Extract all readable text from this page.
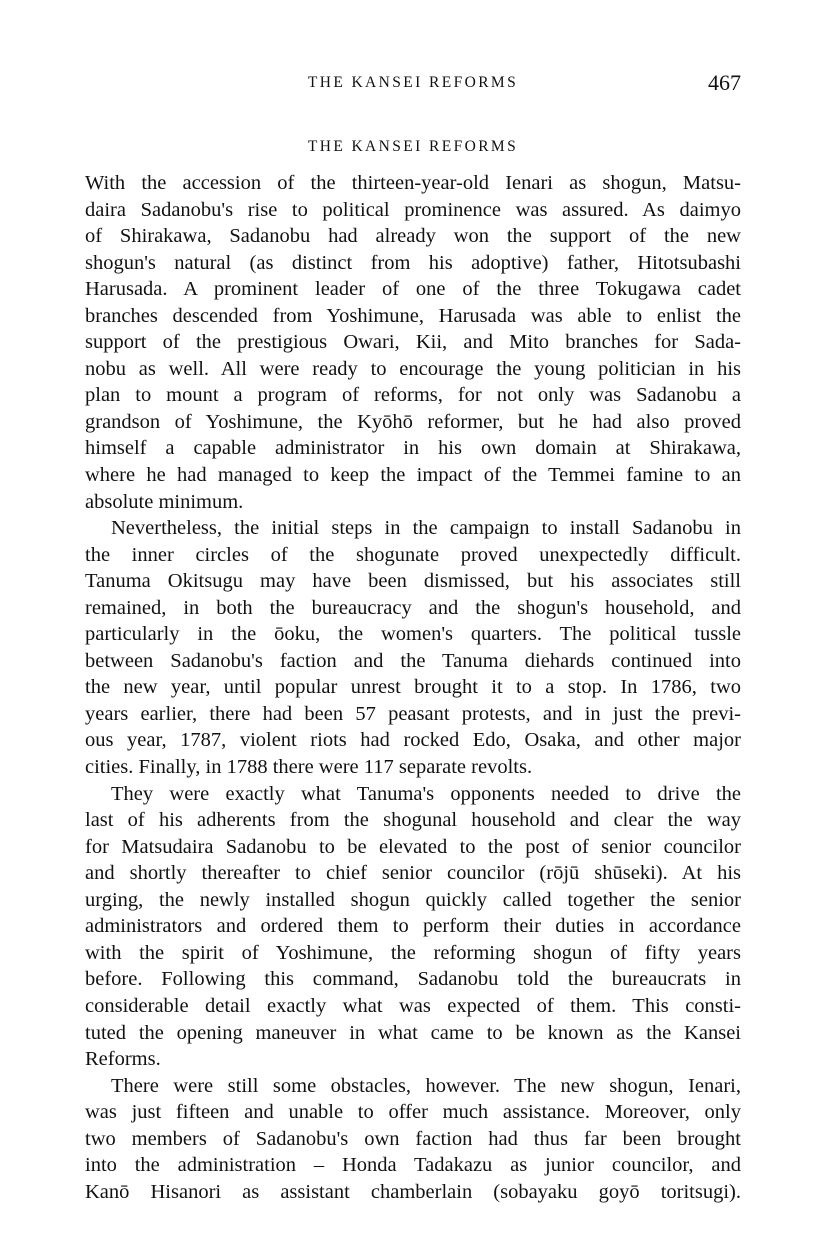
THE KANSEI REFORMS	467
THE KANSEI REFORMS

With the accession of the thirteen-year-old Ienari as shogun, Matsu-

daira Sadanobu's rise to political prominence was assured. As daimyo

of Shirakawa, Sadanobu had already won the support of the new

shogun's natural (as distinct from his adoptive) father, Hitotsubashi

Harusada. A prominent leader of one of the three Tokugawa cadet

branches descended from Yoshimune, Harusada was able to enlist the

support of the prestigious Owari, Kii, and Mito branches for Sada-

nobu as well. All were ready to encourage the young politician in his

plan to mount a program of reforms, for not only was Sadanobu a

grandson of Yoshimune, the Kyōhō reformer, but he had also proved

himself a capable administrator in his own domain at Shirakawa,

where he had managed to keep the impact of the Temmei famine to an

absolute minimum.

Nevertheless, the initial steps in the campaign to install Sadanobu in

the inner circles of the shogunate proved unexpectedly difficult.

Tanuma Okitsugu may have been dismissed, but his associates still

remained, in both the bureaucracy and the shogun's household, and

particularly in the ōoku, the women's quarters. The political tussle

between Sadanobu's faction and the Tanuma diehards continued into

the new year, until popular unrest brought it to a stop. In 1786, two

years earlier, there had been 57 peasant protests, and in just the previ-

ous year, 1787, violent riots had rocked Edo, Osaka, and other major

cities. Finally, in 1788 there were 117 separate revolts.

They were exactly what Tanuma's opponents needed to drive the

last of his adherents from the shogunal household and clear the way

for Matsudaira Sadanobu to be elevated to the post of senior councilor

and shortly thereafter to chief senior councilor (rōjū shūseki). At his

urging, the newly installed shogun quickly called together the senior

administrators and ordered them to perform their duties in accordance

with the spirit of Yoshimune, the reforming shogun of fifty years

before. Following this command, Sadanobu told the bureaucrats in

considerable detail exactly what was expected of them. This consti-

tuted the opening maneuver in what came to be known as the Kansei

Reforms.

There were still some obstacles, however. The new shogun, Ienari,

was just fifteen and unable to offer much assistance. Moreover, only

two members of Sadanobu's own faction had thus far been brought

into the administration – Honda Tadakazu as junior councilor, and

Kanō Hisanori as assistant chamberlain (sobayaku goyō toritsugi).
